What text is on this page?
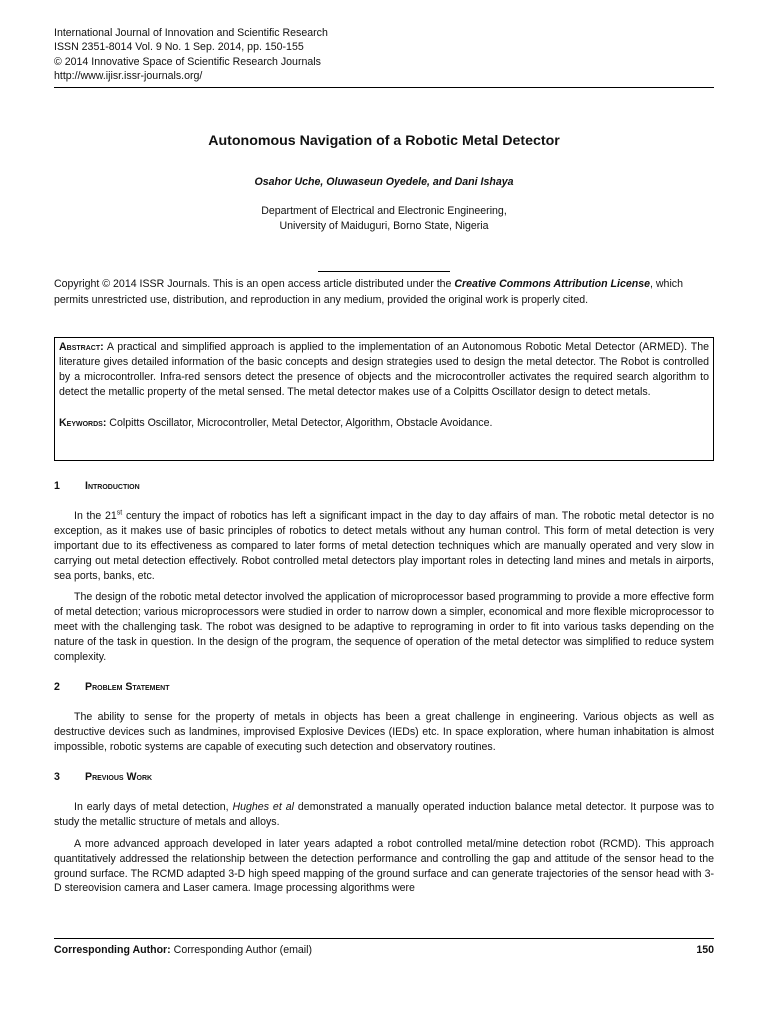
International Journal of Innovation and Scientific Research
ISSN 2351-8014 Vol. 9 No. 1 Sep. 2014, pp. 150-155
© 2014 Innovative Space of Scientific Research Journals
http://www.ijisr.issr-journals.org/
Autonomous Navigation of a Robotic Metal Detector
Osahor Uche, Oluwaseun Oyedele, and Dani Ishaya
Department of Electrical and Electronic Engineering,
University of Maiduguri, Borno State, Nigeria
Copyright © 2014 ISSR Journals. This is an open access article distributed under the Creative Commons Attribution License, which permits unrestricted use, distribution, and reproduction in any medium, provided the original work is properly cited.

Abstract: A practical and simplified approach is applied to the implementation of an Autonomous Robotic Metal Detector (ARMED). The literature gives detailed information of the basic concepts and design strategies used to design the metal detector. The Robot is controlled by a microcontroller. Infra-red sensors detect the presence of objects and the microcontroller activates the required search algorithm to detect the metallic property of the metal sensed. The metal detector makes use of a Colpitts Oscillator design to detect metals.

Keywords: Colpitts Oscillator, Microcontroller, Metal Detector, Algorithm, Obstacle Avoidance.

1 Introduction

In the 21st century the impact of robotics has left a significant impact in the day to day affairs of man. The robotic metal detector is no exception, as it makes use of basic principles of robotics to detect metals without any human control. This form of metal detection is very important due to its effectiveness as compared to later forms of metal detection techniques which are manually operated and very slow in carrying out metal detection effectively. Robot controlled metal detectors play important roles in detecting land mines and metals in airports, sea ports, banks, etc.

The design of the robotic metal detector involved the application of microprocessor based programming to provide a more effective form of metal detection; various microprocessors were studied in order to narrow down a simpler, economical and more flexible microprocessor to meet with the challenging task. The robot was designed to be adaptive to reprograming in order to fit into various tasks depending on the nature of the task in question. In the design of the program, the sequence of operation of the metal detector was simplified to reduce system complexity.

2 Problem Statement

The ability to sense for the property of metals in objects has been a great challenge in engineering. Various objects as well as destructive devices such as landmines, improvised Explosive Devices (IEDs) etc. In space exploration, where human inhabitation is almost impossible, robotic systems are capable of executing such detection and observatory routines.

3 Previous Work

In early days of metal detection, Hughes et al demonstrated a manually operated induction balance metal detector. It purpose was to study the metallic structure of metals and alloys.

A more advanced approach developed in later years adapted a robot controlled metal/mine detection robot (RCMD). This approach quantitatively addressed the relationship between the detection performance and controlling the gap and attitude of the sensor head to the ground surface. The RCMD adapted 3-D high speed mapping of the ground surface and can generate trajectories of the sensor head with 3-D stereovision camera and Laser camera. Image processing algorithms were

Corresponding Author: Corresponding Author (email)	150
